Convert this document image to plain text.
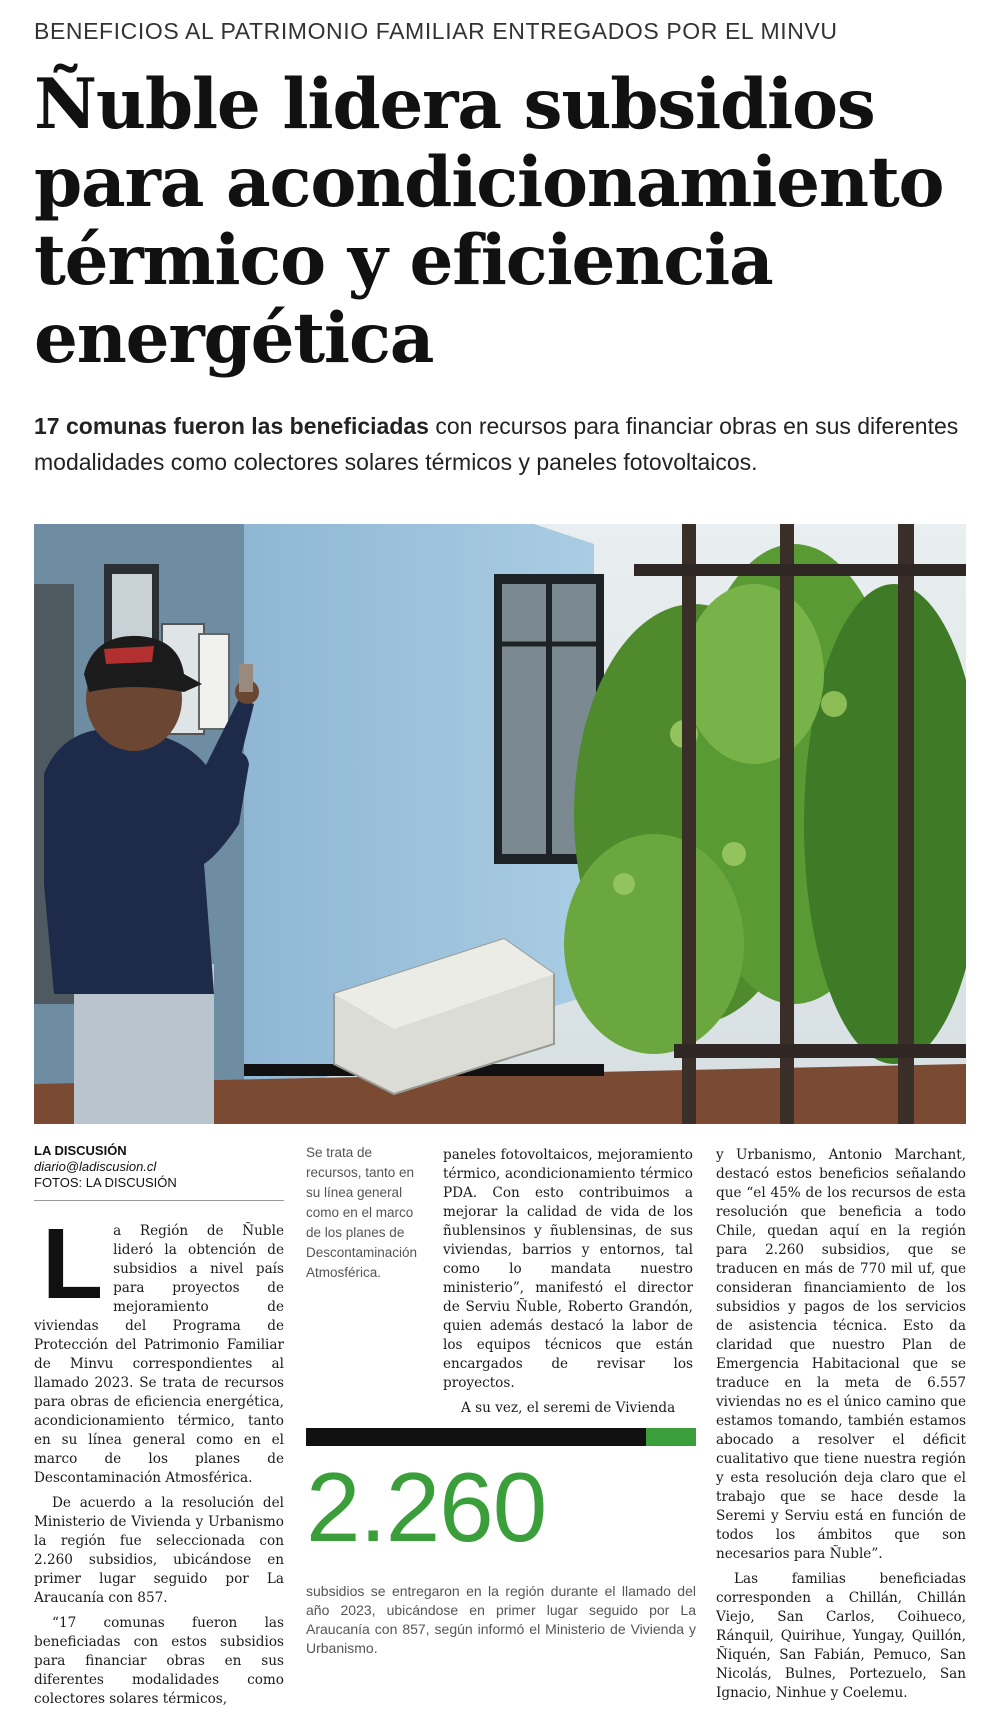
BENEFICIOS AL PATRIMONIO FAMILIAR ENTREGADOS POR EL MINVU
Ñuble lidera subsidios para acondicionamiento térmico y eficiencia energética
17 comunas fueron las beneficiadas con recursos para financiar obras en sus diferentes modalidades como colectores solares térmicos y paneles fotovoltaicos.
LA DISCUSIÓN
diario@ladiscusion.cl
FOTOS: LA DISCUSIÓN
Se trata de recursos, tanto en su línea general como en el marco de los planes de Descontaminación Atmosférica.

La Región de Ñuble lideró la obtención de subsidios a nivel país para proyectos de mejoramiento de viviendas del Programa de Protección del Patrimonio Familiar de Minvu correspondientes al llamado 2023. Se trata de recursos para obras de eficiencia energética, acondicionamiento térmico, tanto en su línea general como en el marco de los planes de Descontaminación Atmosférica.

De acuerdo a la resolución del Ministerio de Vivienda y Urbanismo la región fue seleccionada con 2.260 subsidios, ubicándose en primer lugar seguido por La Araucanía con 857.

“17 comunas fueron las beneficiadas con estos subsidios para financiar obras en sus diferentes modalidades como colectores solares térmicos,

paneles fotovoltaicos, mejoramiento térmico, acondicionamiento térmico PDA. Con esto contribuimos a mejorar la calidad de vida de los ñublensinos y ñublensinas, de sus viviendas, barrios y entornos, tal como lo mandata nuestro ministerio”, manifestó el director de Serviu Ñuble, Roberto Grandón, quien además destacó la labor de los equipos técnicos que están encargados de revisar los proyectos.

A su vez, el seremi de Vivienda

y Urbanismo, Antonio Marchant, destacó estos beneficios señalando que “el 45% de los recursos de esta resolución que beneficia a todo Chile, quedan aquí en la región para 2.260 subsidios, que se traducen en más de 770 mil uf, que consideran financiamiento de los subsidios y pagos de los servicios de asistencia técnica. Esto da claridad que nuestro Plan de Emergencia Habitacional que se traduce en la meta de 6.557 viviendas no es el único camino que estamos tomando, también estamos abocado a resolver el déficit cualitativo que tiene nuestra región y esta resolución deja claro que el trabajo que se hace desde la Seremi y Serviu está en función de todos los ámbitos que son necesarios para Ñuble”.

Las familias beneficiadas corresponden a Chillán, Chillán Viejo, San Carlos, Coihueco, Ránquil, Quirihue, Yungay, Quillón, Ñiquén, San Fabián, Pemuco, San Nicolás, Bulnes, Portezuelo, San Ignacio, Ninhue y Coelemu.

2.260
subsidios se entregaron en la región durante el llamado del año 2023, ubicándose en primer lugar seguido por La Araucanía con 857, según informó el Ministerio de Vivienda y Urbanismo.
